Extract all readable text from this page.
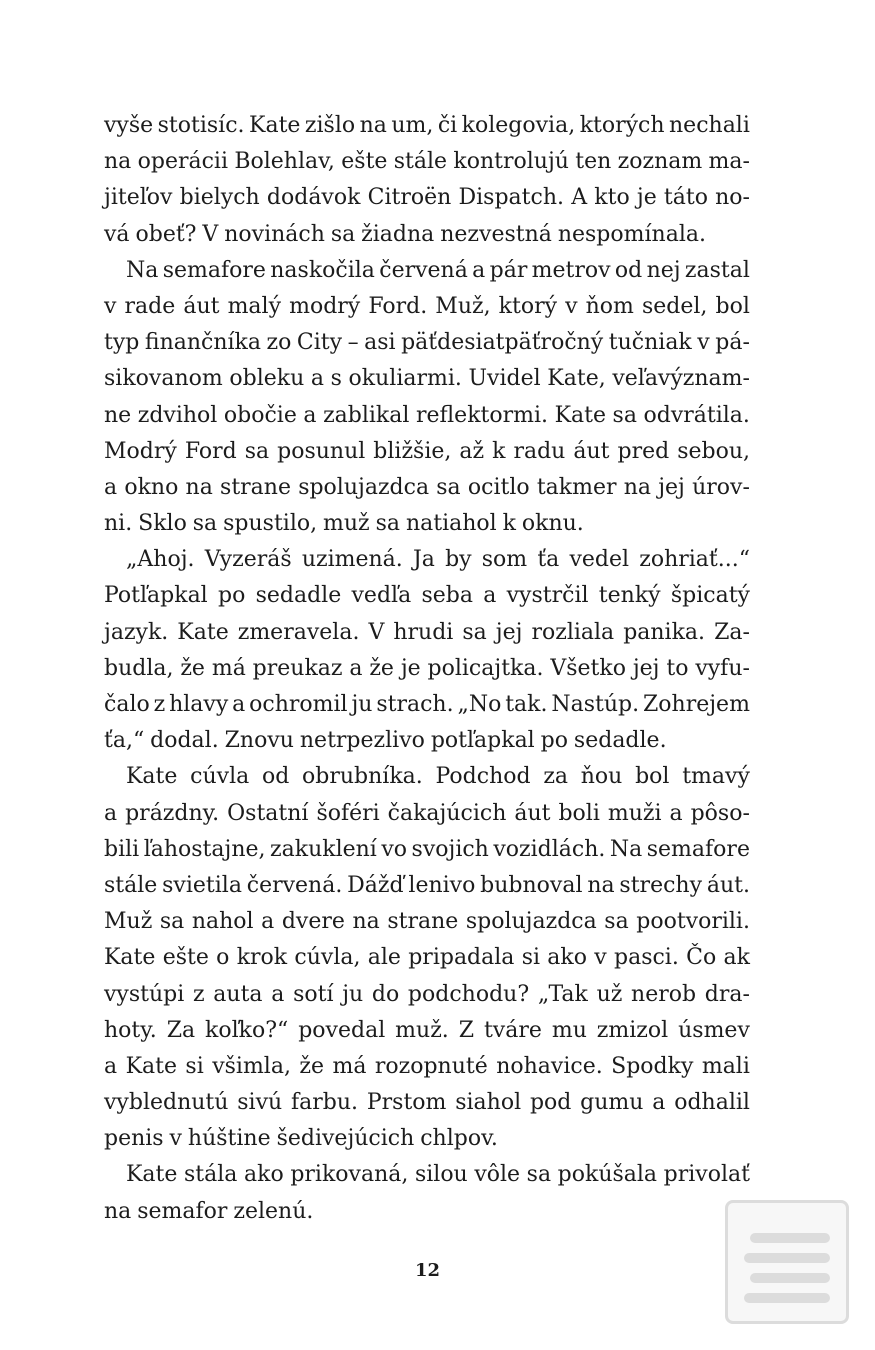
vyše stotisíc. Kate zišlo na um, či kolegovia, ktorých nechali
na operácii Bolehlav, ešte stále kontrolujú ten zoznam ma-
jiteľov bielych dodávok Citroën Dispatch. A kto je táto no-
vá obeť? V novinách sa žiadna nezvestná nespomínala.
Na semafore naskočila červená a pár metrov od nej zastal
v rade áut malý modrý Ford. Muž, ktorý v ňom sedel, bol
typ finančníka zo City – asi päťdesiatpäťročný tučniak v pá-
sikovanom obleku a s okuliarmi. Uvidel Kate, veľavýznam-
ne zdvihol obočie a zablikal reflektormi. Kate sa odvrátila.
Modrý Ford sa posunul bližšie, až k radu áut pred sebou,
a okno na strane spolujazdca sa ocitlo takmer na jej úrov-
ni. Sklo sa spustilo, muž sa natiahol k oknu.
„Ahoj. Vyzeráš uzimená. Ja by som ťa vedel zohriať...“
Potľapkal po sedadle vedľa seba a vystrčil tenký špicatý
jazyk. Kate zmeravela. V hrudi sa jej rozliala panika. Za-
budla, že má preukaz a že je policajtka. Všetko jej to vyfu-
čalo z hlavy a ochromil ju strach. „No tak. Nastúp. Zohrejem
ťa,“ dodal. Znovu netrpezlivo potľapkal po sedadle.
Kate cúvla od obrubníka. Podchod za ňou bol tmavý
a prázdny. Ostatní šoféri čakajúcich áut boli muži a pôso-
bili ľahostajne, zakuklení vo svojich vozidlách. Na semafore
stále svietila červená. Dážď lenivo bubnoval na strechy áut.
Muž sa nahol a dvere na strane spolujazdca sa pootvorili.
Kate ešte o krok cúvla, ale pripadala si ako v pasci. Čo ak
vystúpi z auta a sotí ju do podchodu? „Tak už nerob dra-
hoty. Za koľko?“ povedal muž. Z tváre mu zmizol úsmev
a Kate si všimla, že má rozopnuté nohavice. Spodky mali
vyblednutú sivú farbu. Prstom siahol pod gumu a odhalil
penis v húštine šedivejúcich chlpov.
Kate stála ako prikovaná, silou vôle sa pokúšala privolať
na semafor zelenú.
12
